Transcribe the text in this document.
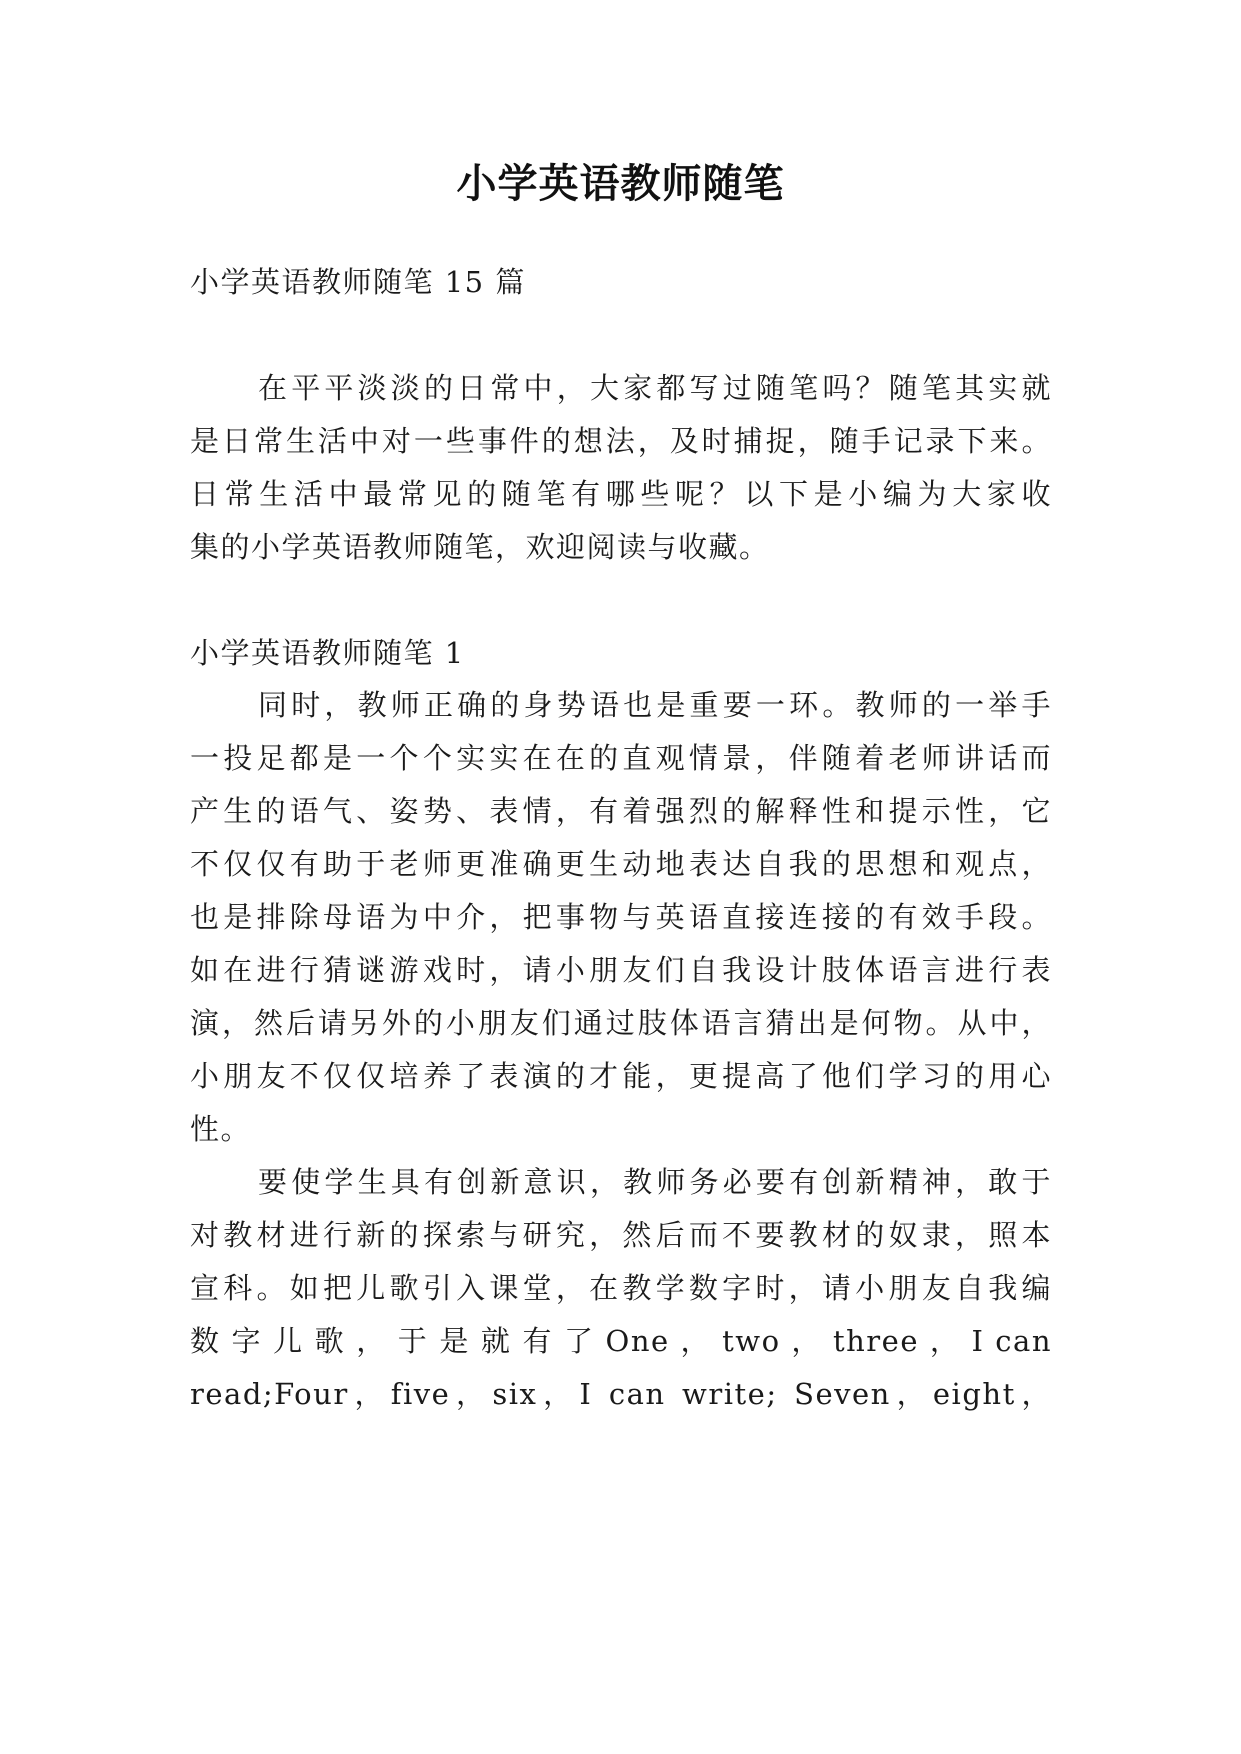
小学英语教师随笔
小学英语教师随笔 15 篇
在平平淡淡的日常中，大家都写过随笔吗？随笔其实就
是日常生活中对一些事件的想法，及时捕捉，随手记录下来。
日常生活中最常见的随笔有哪些呢？以下是小编为大家收
集的小学英语教师随笔，欢迎阅读与收藏。
小学英语教师随笔 1
同时，教师正确的身势语也是重要一环。教师的一举手
一投足都是一个个实实在在的直观情景，伴随着老师讲话而
产生的语气、姿势、表情，有着强烈的解释性和提示性，它
不仅仅有助于老师更准确更生动地表达自我的思想和观点，
也是排除母语为中介，把事物与英语直接连接的有效手段。
如在进行猜谜游戏时，请小朋友们自我设计肢体语言进行表
演，然后请另外的小朋友们通过肢体语言猜出是何物。从中，
小朋友不仅仅培养了表演的才能，更提高了他们学习的用心
性。
要使学生具有创新意识，教师务必要有创新精神，敢于
对教材进行新的探索与研究，然后而不要教材的奴隶，照本
宣科。如把儿歌引入课堂，在教学数字时，请小朋友自我编
数 字 儿 歌 ， 于 是 就 有 了 One ， two ， three ， I can
read;Four，five，six，I can write; Seven，eight，
